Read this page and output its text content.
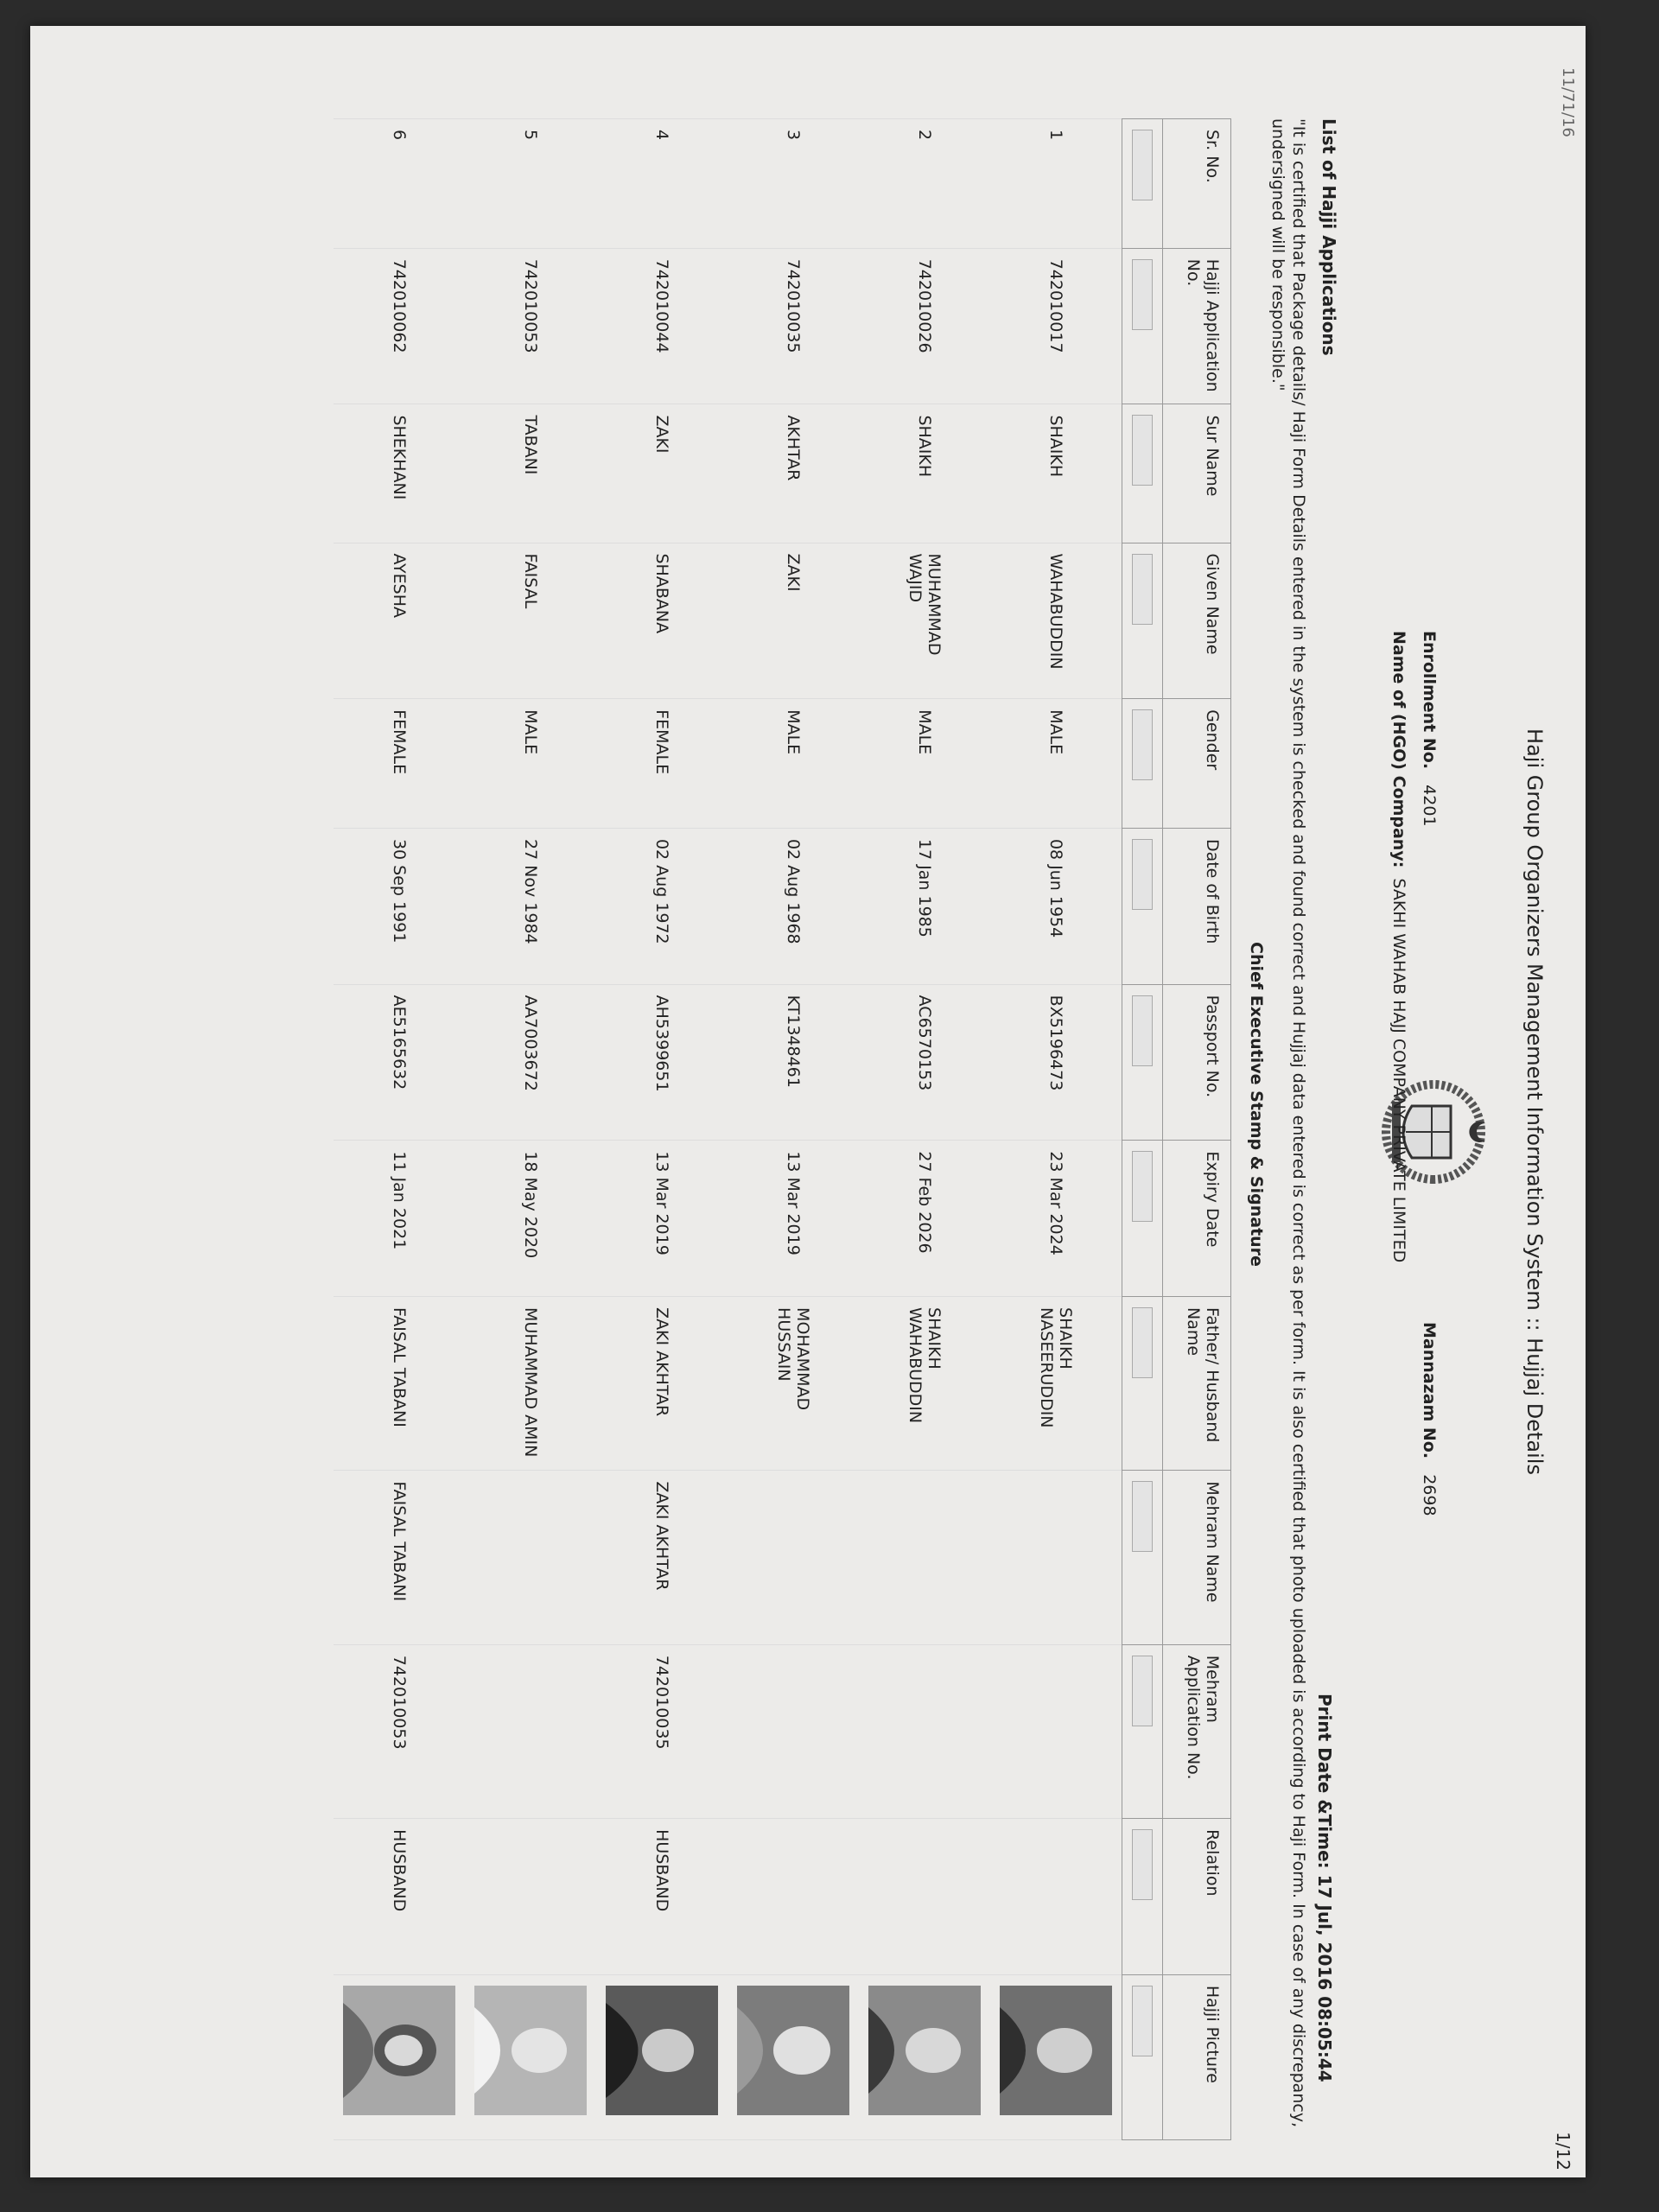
11/71/16
1/12
Haji Group Organizers Management Information System :: Hujjaj Details
Enrollment No.   4201
Mannazam No.   2698
Name of (HGO) Company:  SAKHI WAHAB HAJJ COMPANY PRIVATE LIMITED
List of Hajji Applications
Print Date &Time: 17 Jul, 2016 08:05:44
"It is certified that Package details/ Haji Form Details entered in the system is checked and found correct and Hujjaj data entered is correct as per form. It is also certified that photo uploaded is according to Haji Form. In case of any discrepancy, undersigned will be responsible."
Chief Executive Stamp & Signature
Sr. No.	Hajji Application No.	Sur Name	Given Name	Gender	Date of Birth	Passport No.	Expiry Date	Father/ Husband Name	Mehram Name	Mehram Application No.	Relation	Hajji Picture

1	742010017	SHAIKH	WAHABUDDIN	MALE	08 Jun 1954	BX5196473	23 Mar 2024	SHAIKH NASEERUDDIN				

2	742010026	SHAIKH	MUHAMMAD WAJID	MALE	17 Jan 1985	AC6570153	27 Feb 2026	SHAIKH WAHABUDDIN				

3	742010035	AKHTAR	ZAKI	MALE	02 Aug 1968	KT1348461	13 Mar 2019	MOHAMMAD HUSSAIN				

4	742010044	ZAKI	SHABANA	FEMALE	02 Aug 1972	AH5399651	13 Mar 2019	ZAKI AKHTAR	ZAKI AKHTAR	742010035	HUSBAND	

5	742010053	TABANI	FAISAL	MALE	27 Nov 1984	AA7003672	18 May 2020	MUHAMMAD AMIN				

6	742010062	SHEKHANI	AYESHA	FEMALE	30 Sep 1991	AE5165632	11 Jan 2021	FAISAL TABANI	FAISAL TABANI	742010053	HUSBAND	
